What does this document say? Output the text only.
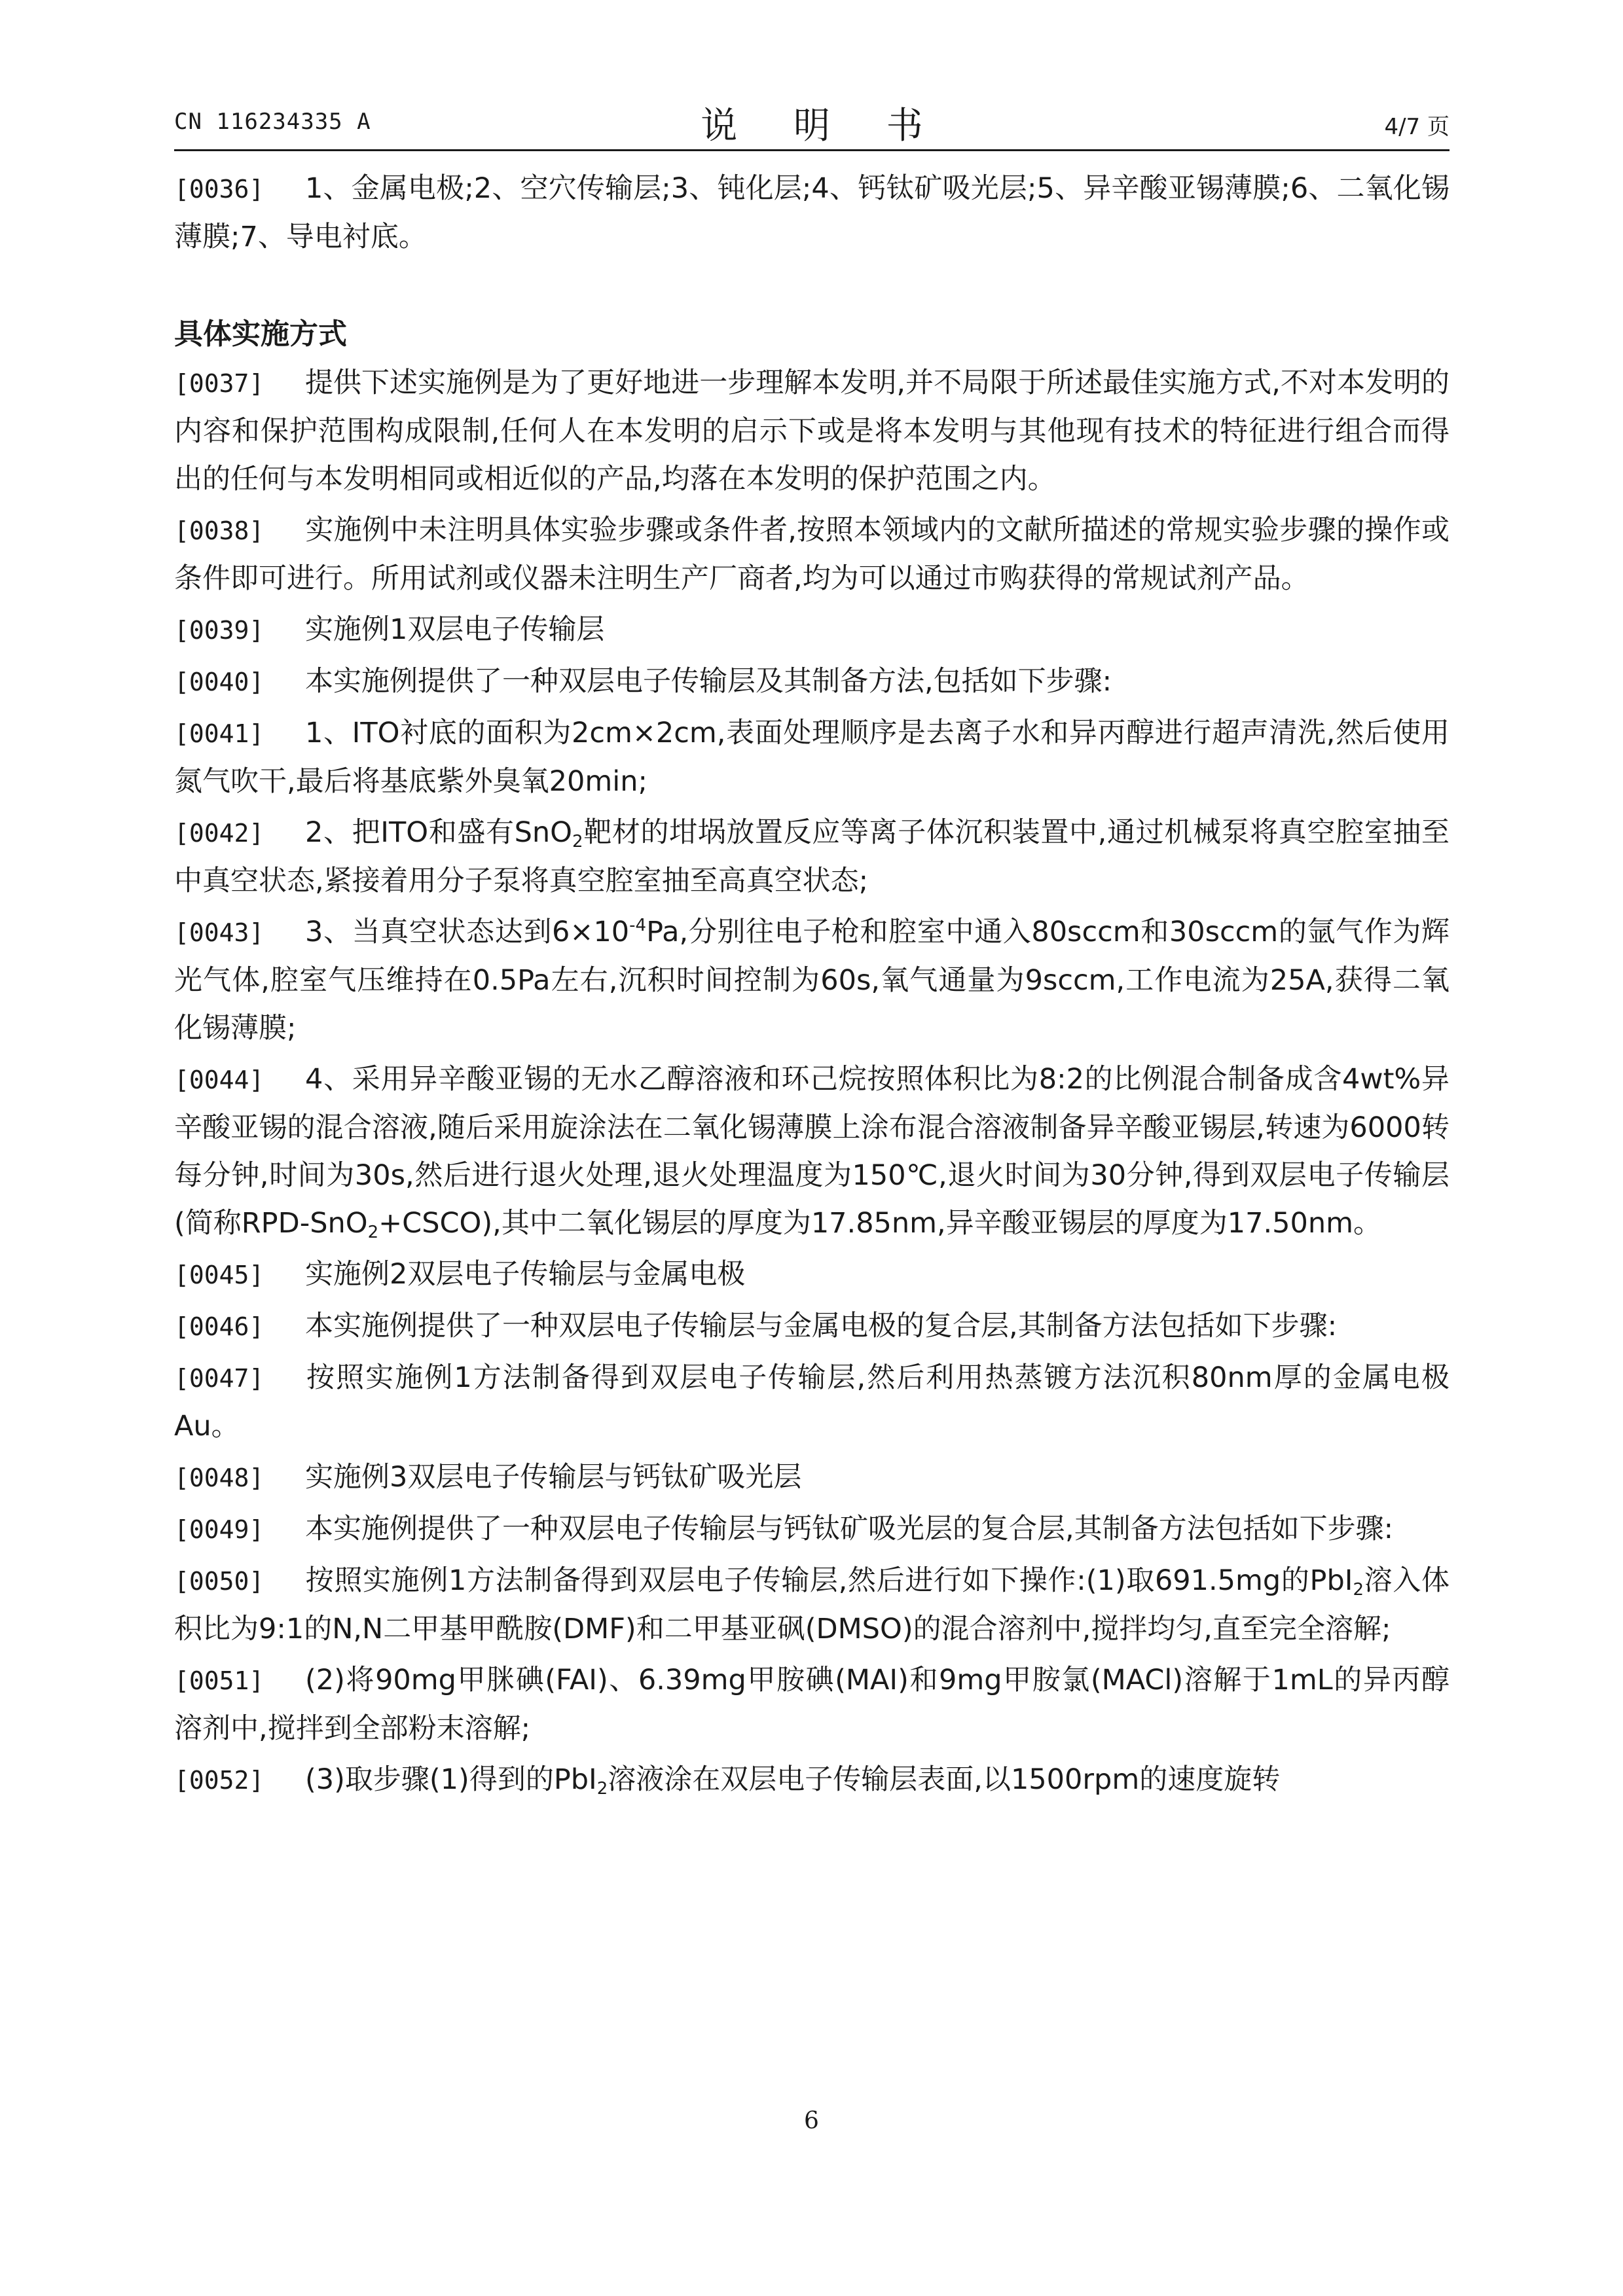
CN 116234335 A	说 明 书	4/7 页

[0036] 1、金属电极;2、空穴传输层;3、钝化层;4、钙钛矿吸光层;5、异辛酸亚锡薄膜;6、二氧化锡薄膜;7、导电衬底。

具体实施方式

[0037] 提供下述实施例是为了更好地进一步理解本发明,并不局限于所述最佳实施方式,不对本发明的内容和保护范围构成限制,任何人在本发明的启示下或是将本发明与其他现有技术的特征进行组合而得出的任何与本发明相同或相近似的产品,均落在本发明的保护范围之内。

[0038] 实施例中未注明具体实验步骤或条件者,按照本领域内的文献所描述的常规实验步骤的操作或条件即可进行。所用试剂或仪器未注明生产厂商者,均为可以通过市购获得的常规试剂产品。

[0039] 实施例1双层电子传输层

[0040] 本实施例提供了一种双层电子传输层及其制备方法,包括如下步骤:

[0041] 1、ITO衬底的面积为2cm×2cm,表面处理顺序是去离子水和异丙醇进行超声清洗,然后使用氮气吹干,最后将基底紫外臭氧20min;

[0042] 2、把ITO和盛有SnO$_2$靶材的坩埚放置反应等离子体沉积装置中,通过机械泵将真空腔室抽至中真空状态,紧接着用分子泵将真空腔室抽至高真空状态;

[0043] 3、当真空状态达到$6\times 10^{-4}Pa$,分别往电子枪和腔室中通入80sccm和30sccm的氩气作为辉光气体,腔室气压维持在0.5Pa左右,沉积时间控制为60s,氧气通量为9sccm,工作电流为25A,获得二氧化锡薄膜;

[0044] 4、采用异辛酸亚锡的无水乙醇溶液和环己烷按照体积比为8:2的比例混合制备成含4wt%异辛酸亚锡的混合溶液,随后采用旋涂法在二氧化锡薄膜上涂布混合溶液制备异辛酸亚锡层,转速为6000转每分钟,时间为30s,然后进行退火处理,退火处理温度为150℃,退火时间为30分钟,得到双层电子传输层(简称RPD-SnO$_2$+CSCO),其中二氧化锡层的厚度为17.85nm,异辛酸亚锡层的厚度为17.50nm。

[0045] 实施例2双层电子传输层与金属电极

[0046] 本实施例提供了一种双层电子传输层与金属电极的复合层,其制备方法包括如下步骤:

[0047] 按照实施例1方法制备得到双层电子传输层,然后利用热蒸镀方法沉积80nm厚的金属电极Au。

[0048] 实施例3双层电子传输层与钙钛矿吸光层

[0049] 本实施例提供了一种双层电子传输层与钙钛矿吸光层的复合层,其制备方法包括如下步骤:

[0050] 按照实施例1方法制备得到双层电子传输层,然后进行如下操作:(1)取691.5mg的PbI$_2$溶入体积比为9:1的N,N二甲基甲酰胺(DMF)和二甲基亚砜(DMSO)的混合溶剂中,搅拌均匀,直至完全溶解;

[0051] (2)将90mg甲脒碘(FAI)、6.39mg甲胺碘(MAI)和9mg甲胺氯(MACl)溶解于1mL的异丙醇溶剂中,搅拌到全部粉末溶解;

[0052] (3)取步骤(1)得到的PbI$_2$溶液涂在双层电子传输层表面,以1500rpm的速度旋转

6
